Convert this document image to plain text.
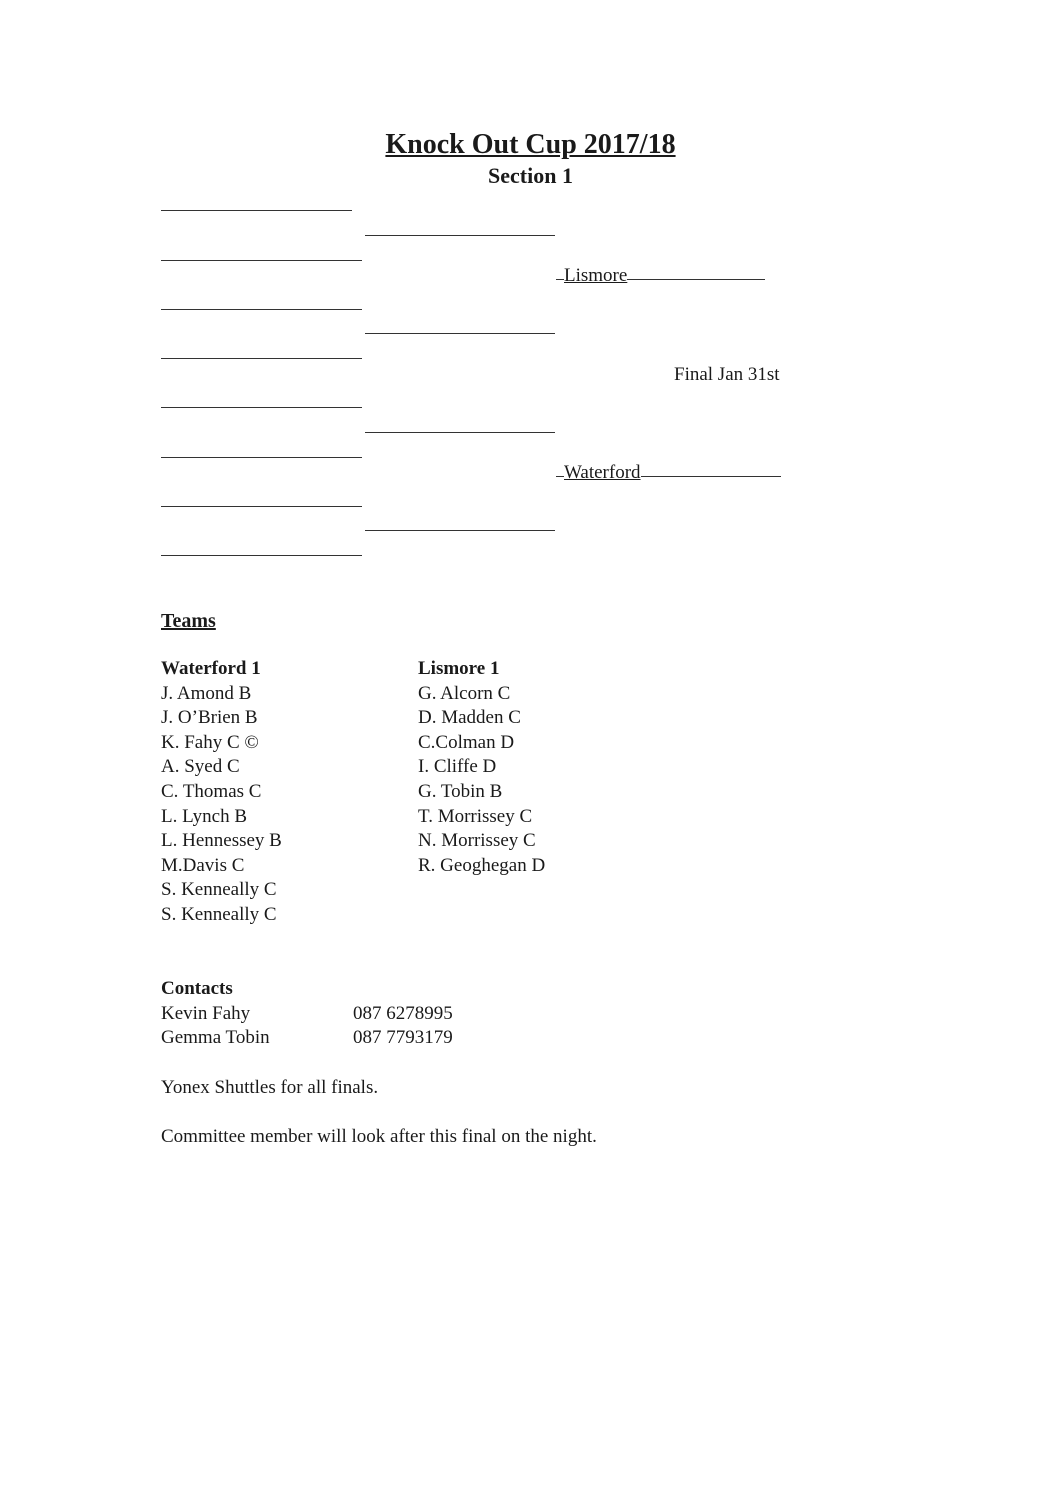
Knock Out Cup 2017/18
Section 1
Lismore
Final Jan 31st
Waterford
Teams
Waterford 1
J. Amond B
J. O’Brien B
K. Fahy C ©
A. Syed C
C. Thomas C
L. Lynch B
L. Hennessey B
M.Davis C
S. Kenneally C
S. Kenneally C
Lismore 1
G. Alcorn C
D. Madden C
C.Colman D
I. Cliffe D
G. Tobin B
T. Morrissey C
N. Morrissey C
R. Geoghegan D
Contacts
Kevin Fahy	087 6278995
Gemma Tobin	087 7793179
Yonex Shuttles for all finals.
Committee member will look after this final on the night.
